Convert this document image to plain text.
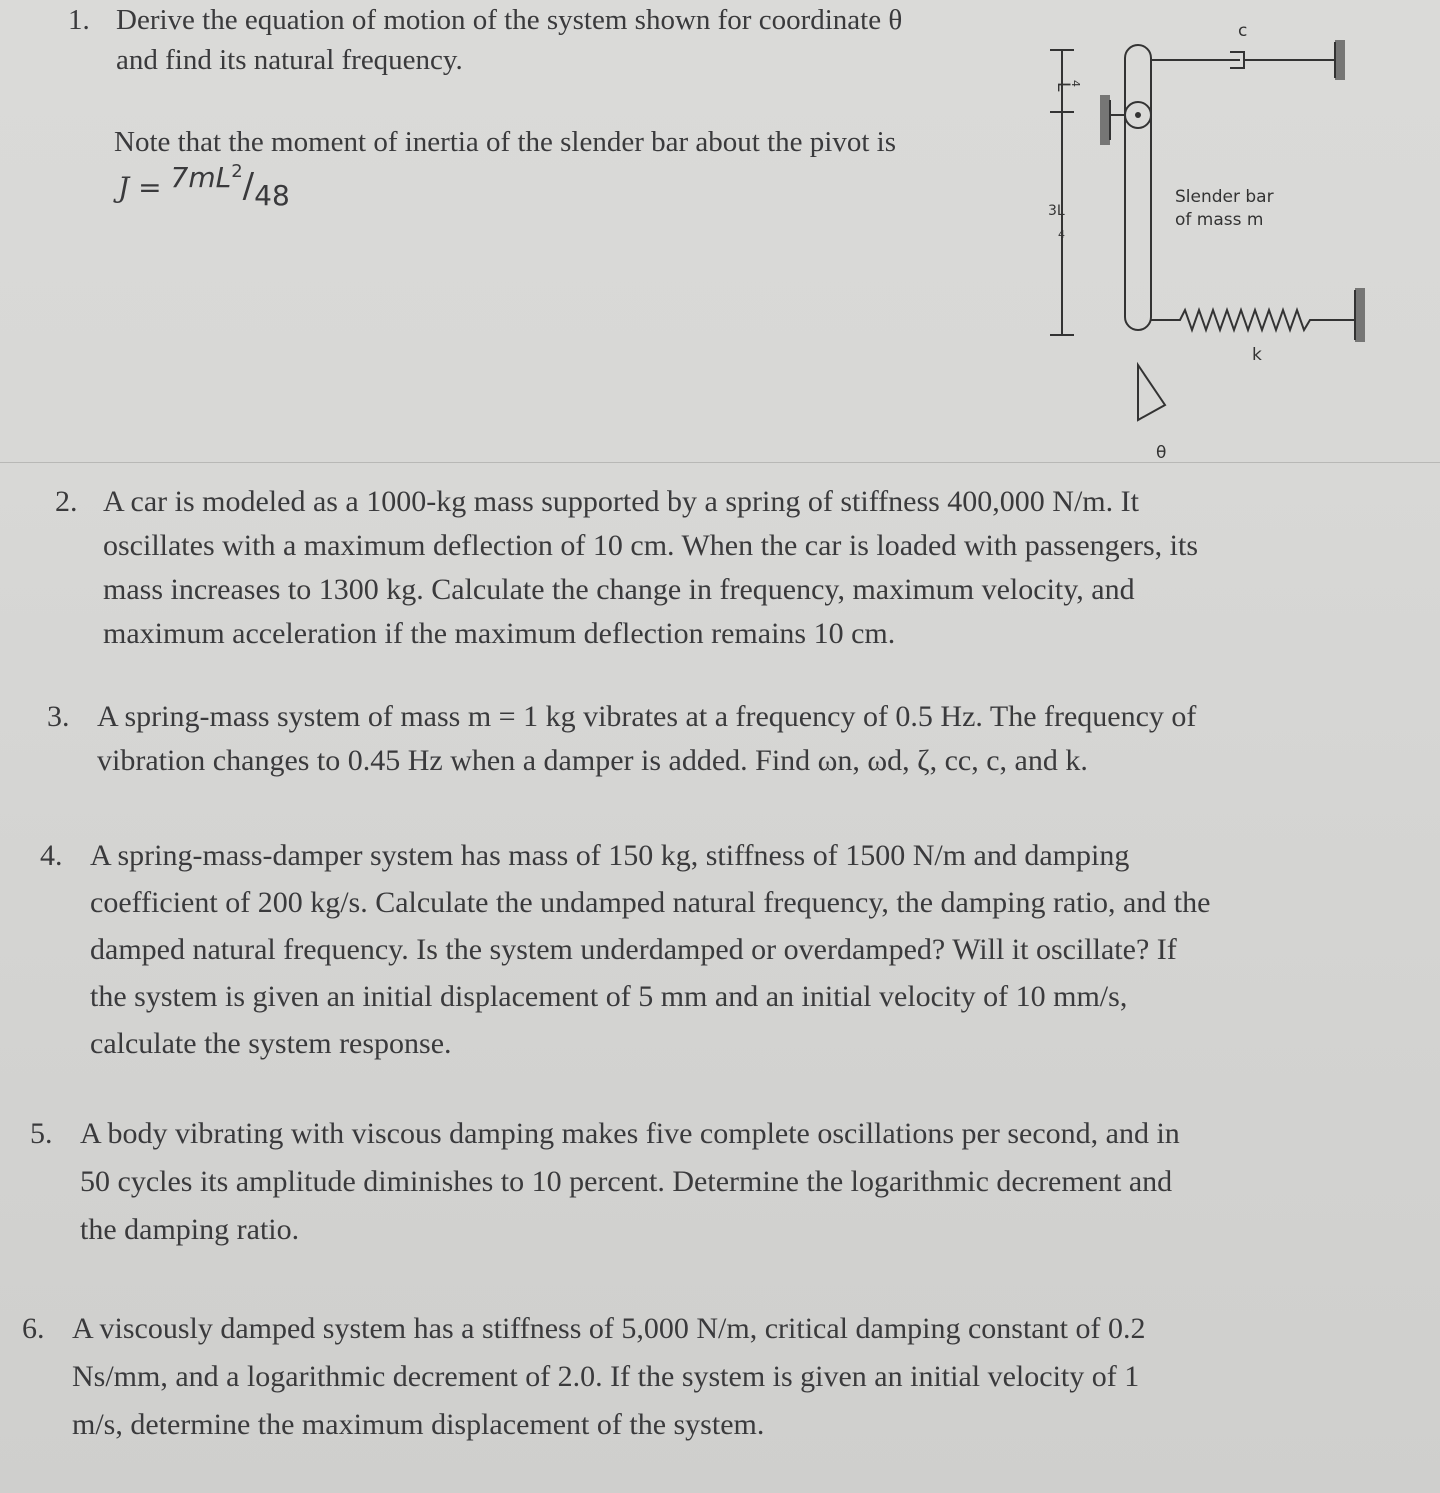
1. Derive the equation of motion of the system shown for coordinate θ
and find its natural frequency.
Note that the moment of inertia of the slender bar about the pivot is
$J = 7mL^2/48$
c
Slender bar
of mass m
k
θ
L
4
3L
4
2. A car is modeled as a 1000-kg mass supported by a spring of stiffness 400,000 N/m. It
oscillates with a maximum deflection of 10 cm. When the car is loaded with passengers, its
mass increases to 1300 kg. Calculate the change in frequency, maximum velocity, and
maximum acceleration if the maximum deflection remains 10 cm.
3. A spring-mass system of mass m = 1 kg vibrates at a frequency of 0.5 Hz. The frequency of
vibration changes to 0.45 Hz when a damper is added. Find ωn, ωd, ζ, cc, c, and k.
4. A spring-mass-damper system has mass of 150 kg, stiffness of 1500 N/m and damping
coefficient of 200 kg/s. Calculate the undamped natural frequency, the damping ratio, and the
damped natural frequency. Is the system underdamped or overdamped? Will it oscillate? If
the system is given an initial displacement of 5 mm and an initial velocity of 10 mm/s,
calculate the system response.
5. A body vibrating with viscous damping makes five complete oscillations per second, and in
50 cycles its amplitude diminishes to 10 percent. Determine the logarithmic decrement and
the damping ratio.
6. A viscously damped system has a stiffness of 5,000 N/m, critical damping constant of 0.2
Ns/mm, and a logarithmic decrement of 2.0. If the system is given an initial velocity of 1
m/s, determine the maximum displacement of the system.
